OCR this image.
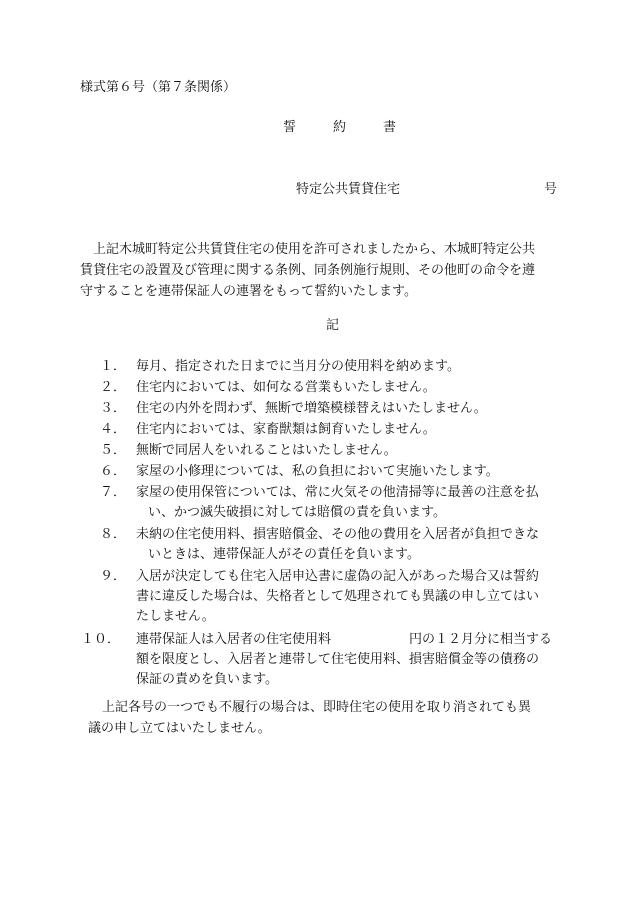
様式第６号（第７条関係）
誓	約	書
特定公共賃貸住宅	号
　上記木城町特定公共賃貸住宅の使用を許可されましたから、木城町特定公共
賃貸住宅の設置及び管理に関する条例、同条例施行規則、その他町の命令を遵
守することを連帯保証人の連署をもって誓約いたします。
記
１． 毎月、指定された日までに当月分の使用料を納めます。
２． 住宅内においては、如何なる営業もいたしません。
３． 住宅の内外を問わず、無断で増築模様替えはいたしません。
４． 住宅内においては、家畜獣類は飼育いたしません。
５． 無断で同居人をいれることはいたしません。
６． 家屋の小修理については、私の負担において実施いたします。
７． 家屋の使用保管については、常に火気その他清掃等に最善の注意を払
い、かつ滅失破損に対しては賠償の責を負います。
８． 未納の住宅使用料、損害賠償金、その他の費用を入居者が負担できな
いときは、連帯保証人がその責任を負います。
９． 入居が決定しても住宅入居申込書に虚偽の記入があった場合又は誓約
書に違反した場合は、失格者として処理されても異議の申し立てはい
たしません。
１０． 連帯保証人は入居者の住宅使用料　　　　　　円の１２月分に相当する
額を限度とし、入居者と連帯して住宅使用料、損害賠償金等の債務の
保証の責めを負います。
上記各号の一つでも不履行の場合は、即時住宅の使用を取り消されても異
議の申し立てはいたしません。
